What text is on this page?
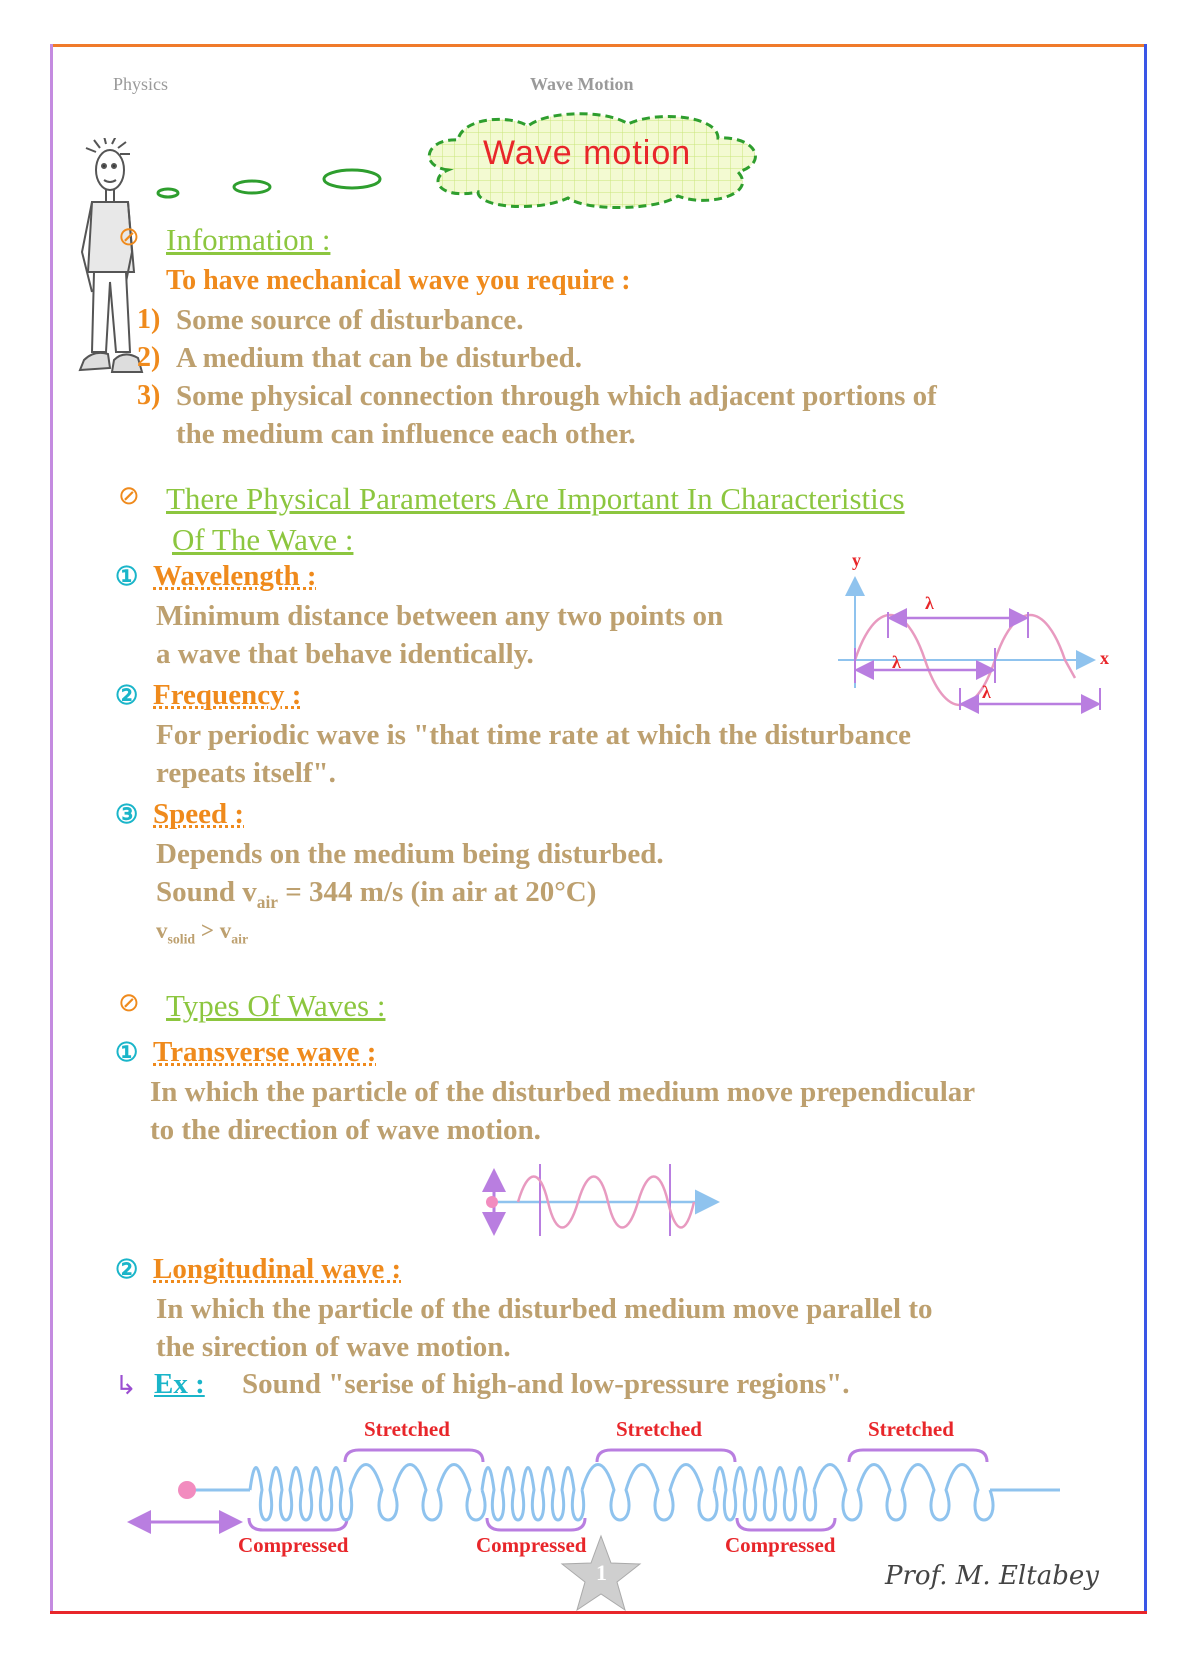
Physics	Wave Motion
Wave motion
⊘ Information :
To have mechanical wave you require :
1) Some source of disturbance.
2) A medium that can be disturbed.
3) Some physical connection through which adjacent portions of
the medium can influence each other.
⊘ There Physical Parameters Are Important In Characteristics
Of The Wave :
① Wavelength :
Minimum distance between any two points on
a wave that behave identically.
y
x
λ
λ
λ
② Frequency :
For periodic wave is "that time rate at which the disturbance
repeats itself".
③ Speed :
Depends on the medium being disturbed.
Sound $v_{air} = 344$ m/s (in air at 20°C)
$v_{solid} > v_{air}$
⊘ Types Of Waves :
① Transverse wave :
In which the particle of the disturbed medium move prependicular
to the direction of wave motion.
② Longitudinal wave :
In which the particle of the disturbed medium move parallel to
the sirection of wave motion.
↳ Ex : Sound "serise of high-and low-pressure regions".
Stretched	Stretched	Stretched
Compressed	Compressed	Compressed
1	Prof. M. Eltabey
